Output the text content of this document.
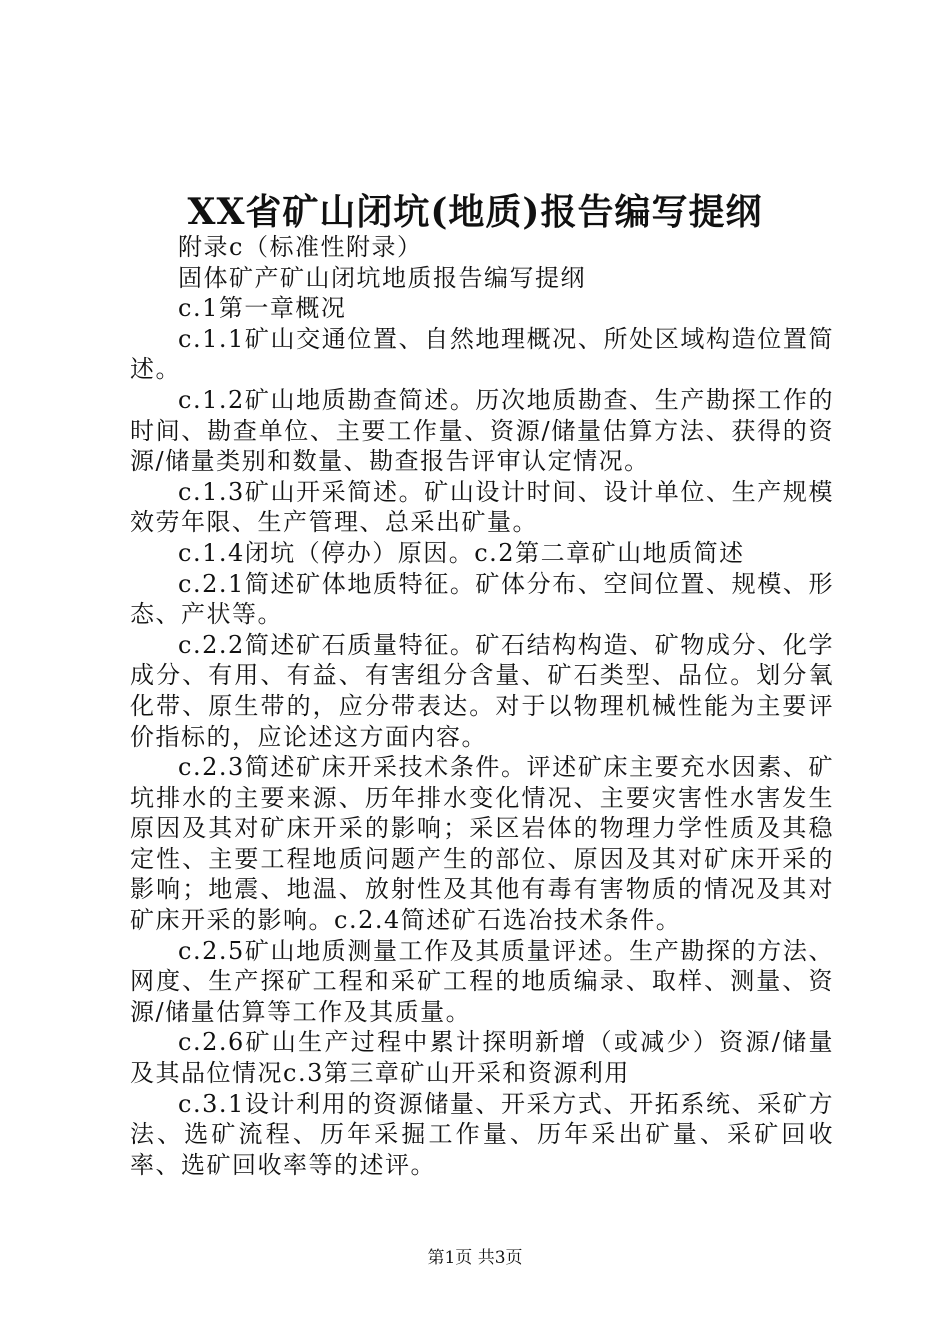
XX省矿山闭坑(地质)报告编写提纲

附录c（标准性附录）

固体矿产矿山闭坑地质报告编写提纲

c.1第一章概况

c.1.1矿山交通位置、自然地理概况、所处区域构造位置简述。

c.1.2矿山地质勘查简述。历次地质勘查、生产勘探工作的时间、勘查单位、主要工作量、资源/储量估算方法、获得的资源/储量类别和数量、勘查报告评审认定情况。

c.1.3矿山开采简述。矿山设计时间、设计单位、生产规模效劳年限、生产管理、总采出矿量。

c.1.4闭坑（停办）原因。c.2第二章矿山地质简述

c.2.1简述矿体地质特征。矿体分布、空间位置、规模、形态、产状等。

c.2.2简述矿石质量特征。矿石结构构造、矿物成分、化学成分、有用、有益、有害组分含量、矿石类型、品位。划分氧化带、原生带的，应分带表达。对于以物理机械性能为主要评价指标的，应论述这方面内容。

c.2.3简述矿床开采技术条件。评述矿床主要充水因素、矿坑排水的主要来源、历年排水变化情况、主要灾害性水害发生原因及其对矿床开采的影响；采区岩体的物理力学性质及其稳定性、主要工程地质问题产生的部位、原因及其对矿床开采的影响；地震、地温、放射性及其他有毒有害物质的情况及其对矿床开采的影响。c.2.4简述矿石选冶技术条件。

c.2.5矿山地质测量工作及其质量评述。生产勘探的方法、网度、生产探矿工程和采矿工程的地质编录、取样、测量、资源/储量估算等工作及其质量。

c.2.6矿山生产过程中累计探明新增（或减少）资源/储量及其品位情况c.3第三章矿山开采和资源利用

c.3.1设计利用的资源储量、开采方式、开拓系统、采矿方法、选矿流程、历年采掘工作量、历年采出矿量、采矿回收率、选矿回收率等的述评。

第1页 共3页
